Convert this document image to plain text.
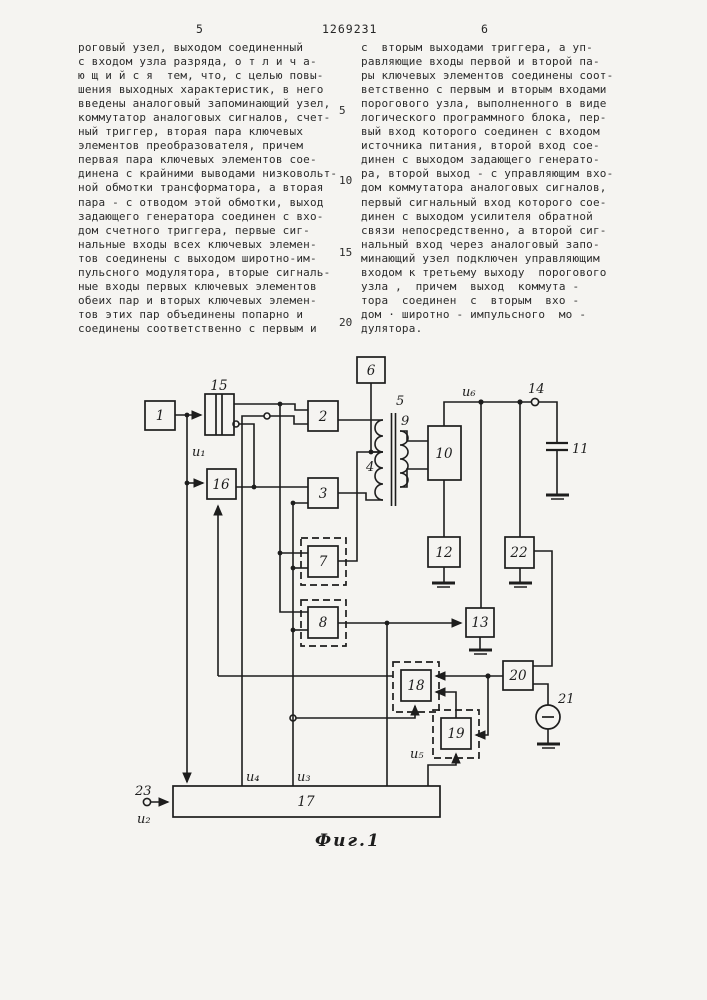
5	1269231	6
роговый узел, выходом соединенный
с входом узла разряда, о т л и ч а-
ю щ и й с я  тем, что, с целью повы-
шения выходных характеристик, в него
введены аналоговый запоминающий узел,
коммутатор аналоговых сигналов, счет-
ный триггер, вторая пара ключевых
элементов преобразователя, причем
первая пара ключевых элементов сое-
динена с крайними выводами низковольт-
ной обмотки трансформатора, а вторая
пара - с отводом этой обмотки, выход
задающего генератора соединен с вхо-
дом счетного триггера, первые сиг-
нальные входы всех ключевых элемен-
тов соединены с выходом широтно-им-
пульсного модулятора, вторые сигналь-
ные входы первых ключевых элементов
обеих пар и вторых ключевых элемен-
тов этих пар объединены попарно и
соединены соответственно с первым и
с  вторым выходами триггера, а уп-
равляющие входы первой и второй па-
ры ключевых элементов соединены соот-
ветственно с первым и вторым входами
порогового узла, выполненного в виде
логического программного блока, пер-
вый вход которого соединен с входом
источника питания, второй вход сое-
динен с выходом задающего генерато-
ра, второй выход - с управляющим вхо-
дом коммутатора аналоговых сигналов,
первый сигнальный вход которого сое-
динен с выходом усилителя обратной
связи непосредственно, а второй сиг-
нальный вход через аналоговый запо-
минающий узел подключен управляющим
входом к третьему выходу  порогового
узла ,  причем  выход  коммута -
тора  соединен  с  вторым  вхо -
дом · широтно - импульсного  мо -
дулятора.
5
10
15
20
1
15
2
16
3
6
7
8
10
12	22
13
18
19
20
17
и₁
4
5
9
и₆	14
11
21
и₄	и₃
и₅
23
и₂
Фиг.1
